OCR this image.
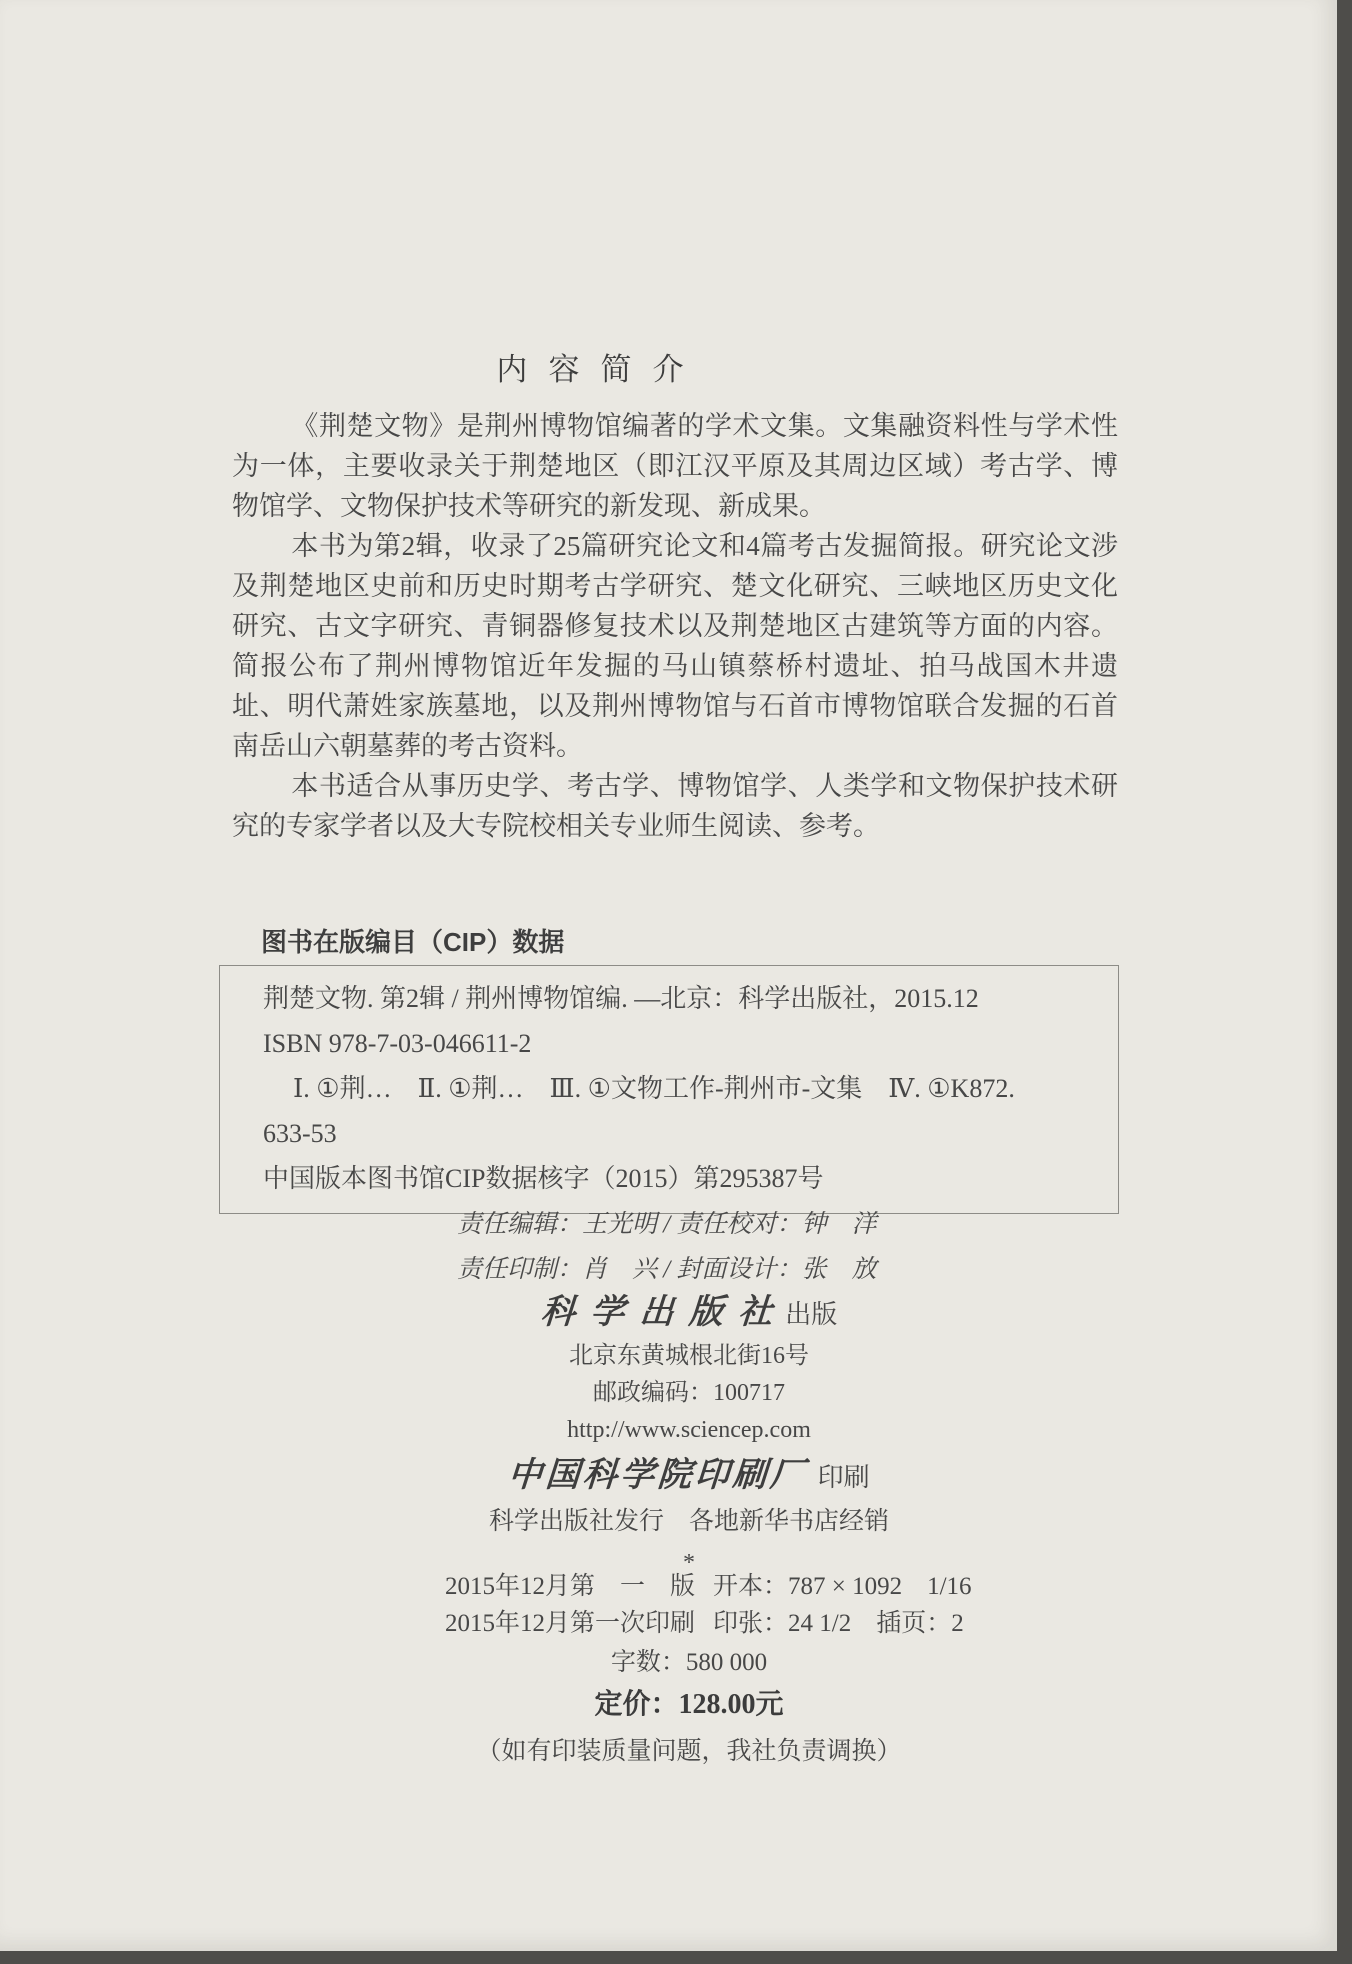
内容简介

《荆楚文物》是荆州博物馆编著的学术文集。文集融资料性与学术性为一体，主要收录关于荆楚地区（即江汉平原及其周边区域）考古学、博物馆学、文物保护技术等研究的新发现、新成果。

本书为第2辑，收录了25篇研究论文和4篇考古发掘简报。研究论文涉及荆楚地区史前和历史时期考古学研究、楚文化研究、三峡地区历史文化研究、古文字研究、青铜器修复技术以及荆楚地区古建筑等方面的内容。简报公布了荆州博物馆近年发掘的马山镇蔡桥村遗址、拍马战国木井遗址、明代萧姓家族墓地，以及荆州博物馆与石首市博物馆联合发掘的石首南岳山六朝墓葬的考古资料。

本书适合从事历史学、考古学、博物馆学、人类学和文物保护技术研究的专家学者以及大专院校相关专业师生阅读、参考。

图书在版编目（CIP）数据
荆楚文物. 第2辑 / 荆州博物馆编. —北京：科学出版社，2015.12
ISBN 978-7-03-046611-2
Ⅰ. ①荆…　Ⅱ. ①荆…　Ⅲ. ①文物工作-荆州市-文集　Ⅳ. ①K872.
633-53
中国版本图书馆CIP数据核字（2015）第295387号
责任编辑：王光明 / 责任校对：钟　洋
责任印制：肖　兴 / 封面设计：张　放
科 学 出 版 社 出版
北京东黄城根北街16号
邮政编码：100717
http://www.sciencep.com
中国科学院印刷厂 印刷
科学出版社发行　各地新华书店经销
*
2015年12月第　一　版 开本：787 × 1092　1/16
2015年12月第一次印刷 印张：24 1/2　插页：2
字数：580 000
定价：128.00元
（如有印装质量问题，我社负责调换）
